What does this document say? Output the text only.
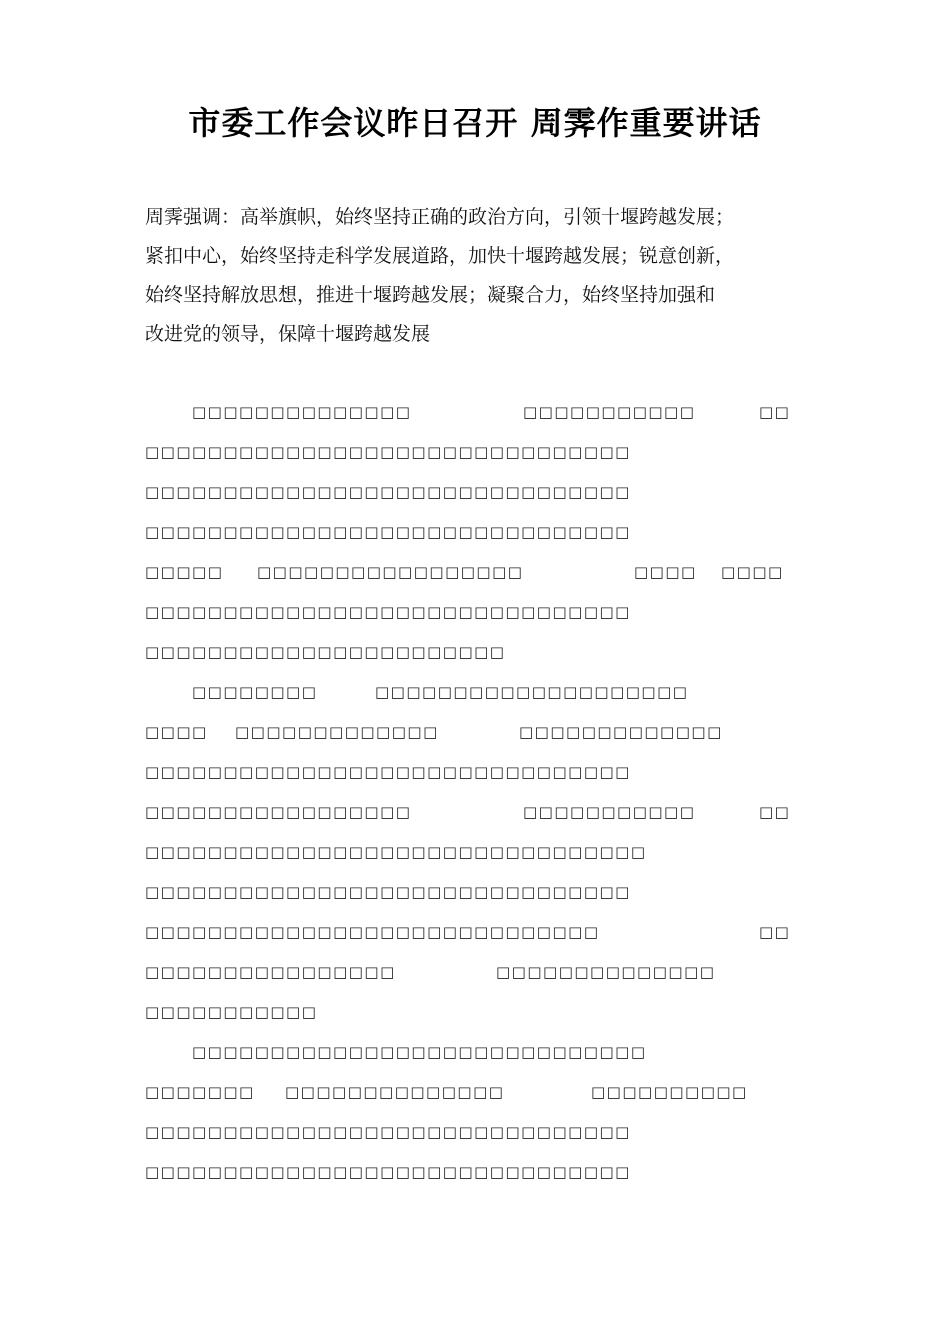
市委工作会议昨日召开 周霁作重要讲话
周霁强调：高举旗帜，始终坚持正确的政治方向，引领十堰跨越发展；
紧扣中心，始终坚持走科学发展道路，加快十堰跨越发展；锐意创新，
始终坚持解放思想，推进十堰跨越发展；凝聚合力，始终坚持加强和
改进党的领导，保障十堰跨越发展
□□□□□□□□□□□□□□	□□□□□□□□□□□	□□
□□□□□□□□□□□□□□□□□□□□□□□□□□□□□□□
□□□□□□□□□□□□□□□□□□□□□□□□□□□□□□□
□□□□□□□□□□□□□□□□□□□□□□□□□□□□□□□
□□□□□ □□□□□□□□□□□□□□□□□	□□□□ □□□□
□□□□□□□□□□□□□□□□□□□□□□□□□□□□□□□
□□□□□□□□□□□□□□□□□□□□□□□
□□□□□□□□	□□□□□□□□□□□□□□□□□□□□
□□□□ □□□□□□□□□□□□□	□□□□□□□□□□□□□
□□□□□□□□□□□□□□□□□□□□□□□□□□□□□□□
□□□□□□□□□□□□□□□□□	□□□□□□□□□□□	□□
□□□□□□□□□□□□□□□□□□□□□□□□□□□□□□□□
□□□□□□□□□□□□□□□□□□□□□□□□□□□□□□□
□□□□□□□□□□□□□□□□□□□□□□□□□□□□□	□□
□□□□□□□□□□□□□□□□	□□□□□□□□□□□□□□
□□□□□□□□□□□
□□□□□□□□□□□□□□□□□□□□□□□□□□□□□
□□□□□□□ □□□□□□□□□□□□□□	□□□□□□□□□□
□□□□□□□□□□□□□□□□□□□□□□□□□□□□□□□
□□□□□□□□□□□□□□□□□□□□□□□□□□□□□□□
